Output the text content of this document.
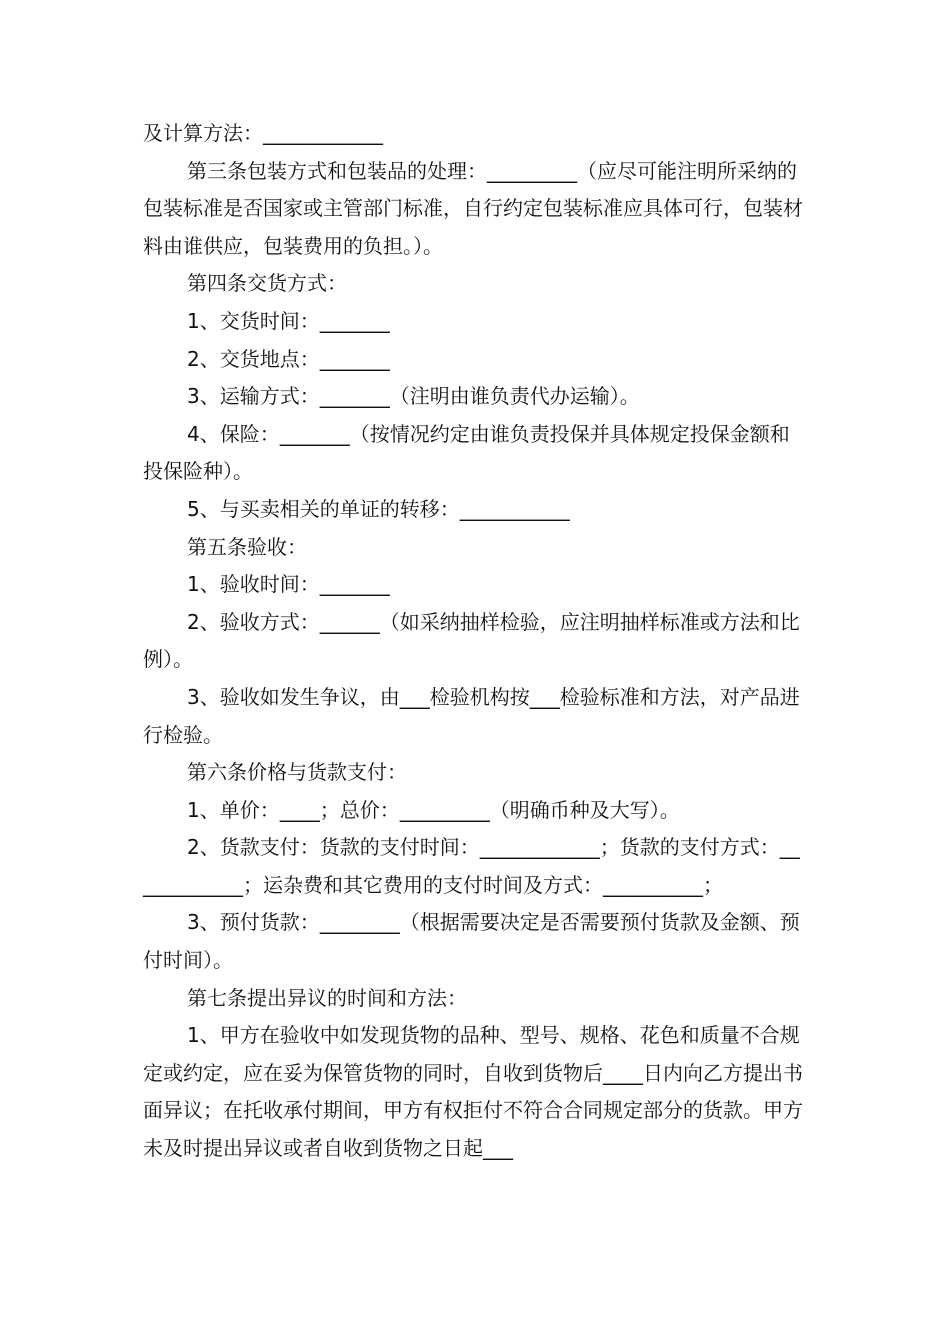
及计算方法：____________

第三条包装方式和包装品的处理：_________（应尽可能注明所采纳的包装标准是否国家或主管部门标准，自行约定包装标准应具体可行，包装材料由谁供应，包装费用的负担。）。

第四条交货方式：

1、交货时间：_______

2、交货地点：_______

3、运输方式：_______（注明由谁负责代办运输）。

4、保险：_______（按情况约定由谁负责投保并具体规定投保金额和投保险种）。

5、与买卖相关的单证的转移：___________

第五条验收：

1、验收时间：_______

2、验收方式：______（如采纳抽样检验，应注明抽样标准或方法和比例）。

3、验收如发生争议，由___检验机构按___检验标准和方法，对产品进行检验。

第六条价格与货款支付：

1、单价：____；总价：_________（明确币种及大写）。

2、货款支付：货款的支付时间：____________；货款的支付方式：____________；运杂费和其它费用的支付时间及方式：__________；

3、预付货款：________（根据需要决定是否需要预付货款及金额、预付时间）。

第七条提出异议的时间和方法：

1、甲方在验收中如发现货物的品种、型号、规格、花色和质量不合规定或约定，应在妥为保管货物的同时，自收到货物后____日内向乙方提出书面异议；在托收承付期间，甲方有权拒付不符合合同规定部分的货款。甲方未及时提出异议或者自收到货物之日起___
